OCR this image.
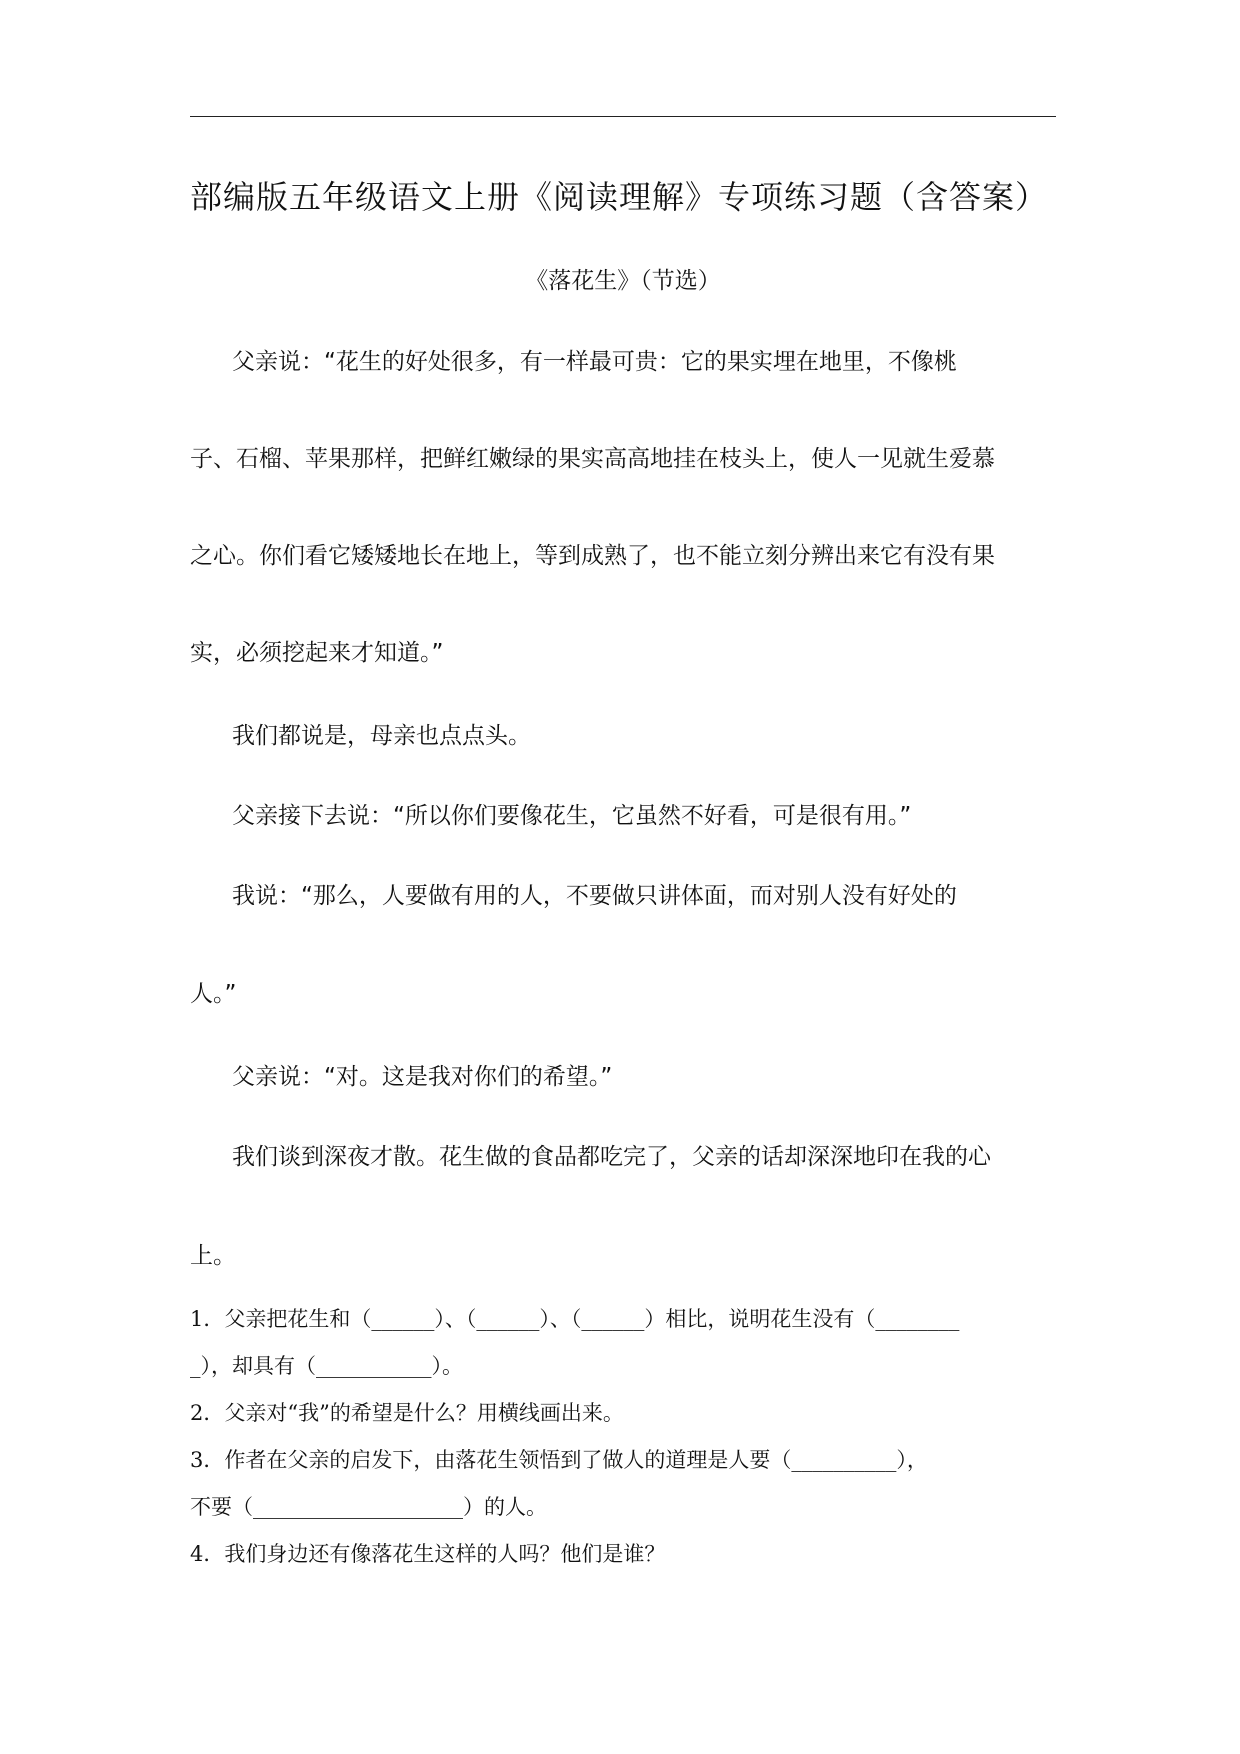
部编版五年级语文上册《阅读理解》专项练习题（含答案）
《落花生》（节选）
父亲说：“花生的好处很多，有一样最可贵：它的果实埋在地里，不像桃
子、石榴、苹果那样，把鲜红嫩绿的果实高高地挂在枝头上，使人一见就生爱慕
之心。你们看它矮矮地长在地上，等到成熟了，也不能立刻分辨出来它有没有果
实，必须挖起来才知道。”
我们都说是，母亲也点点头。
父亲接下去说：“所以你们要像花生，它虽然不好看，可是很有用。”
我说：“那么，人要做有用的人，不要做只讲体面，而对别人没有好处的
人。”
父亲说：“对。这是我对你们的希望。”
我们谈到深夜才散。花生做的食品都吃完了，父亲的话却深深地印在我的心
上。
1．父亲把花生和（______）、（______）、（______）相比，说明花生没有（________
_），却具有（___________）。
2．父亲对“我”的希望是什么？用横线画出来。
3．作者在父亲的启发下，由落花生领悟到了做人的道理是人要（__________），
不要（____________________）的人。
4．我们身边还有像落花生这样的人吗？他们是谁？
